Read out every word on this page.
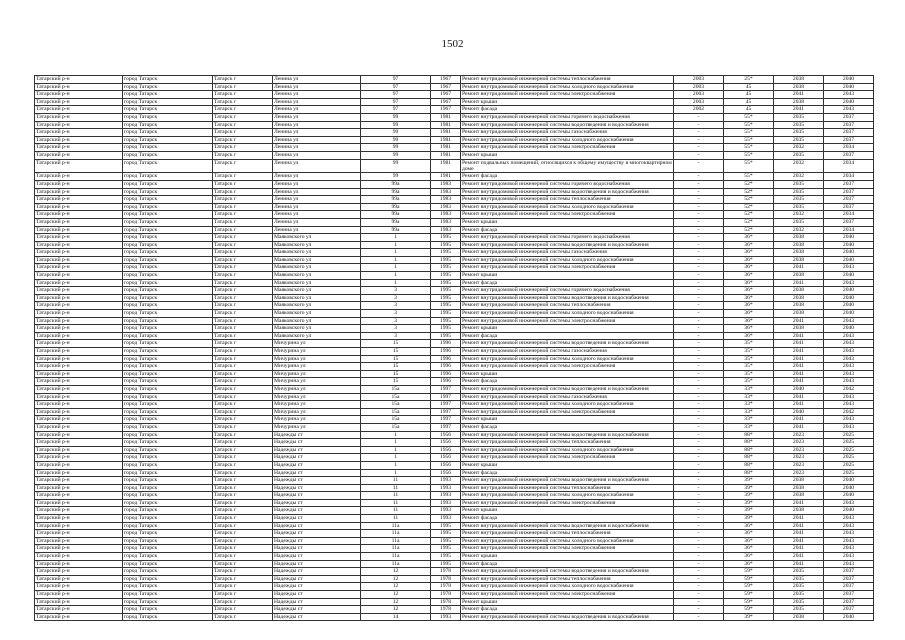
1502
Татарский р-н	город Татарск	Татарск г	Ленина ул	97	1967	Ремонт внутридомовой инженерной системы теплоснабжения	2003	25*	2038	2040
Татарский р-н	город Татарск	Татарск г	Ленина ул	97	1967	Ремонт внутридомовой инженерной системы холодного водоснабжения	2003	45	2038	2040
Татарский р-н	город Татарск	Татарск г	Ленина ул	97	1967	Ремонт внутридомовой инженерной системы электроснабжения	2003	45	2041	2043
Татарский р-н	город Татарск	Татарск г	Ленина ул	97	1967	Ремонт крыши	2003	45	2038	2040
Татарский р-н	город Татарск	Татарск г	Ленина ул	97	1967	Ремонт фасада	2002	45	2041	2043
Татарский р-н	город Татарск	Татарск г	Ленина ул	99	1981	Ремонт внутридомовой инженерной системы горячего водоснабжения	-	55*	2035	2037
Татарский р-н	город Татарск	Татарск г	Ленина ул	99	1981	Ремонт внутридомовой инженерной системы водоотведения и водоснабжения	-	55*	2035	2037
Татарский р-н	город Татарск	Татарск г	Ленина ул	99	1981	Ремонт внутридомовой инженерной системы газоснабжения	-	55*	2035	2037
Татарский р-н	город Татарск	Татарск г	Ленина ул	99	1981	Ремонт внутридомовой инженерной системы холодного водоснабжения	-	55*	2035	2037
Татарский р-н	город Татарск	Татарск г	Ленина ул	99	1981	Ремонт внутридомовой инженерной системы электроснабжения	-	55*	2032	2034
Татарский р-н	город Татарск	Татарск г	Ленина ул	99	1981	Ремонт крыши	-	55*	2035	2037
Татарский р-н	город Татарск	Татарск г	Ленина ул	99	1981	Ремонт подвальных помещений, относящихся к общему имуществу в многоквартирном доме	-	55*	2032	2034
Татарский р-н	город Татарск	Татарск г	Ленина ул	99	1981	Ремонт фасада	-	55*	2032	2034
Татарский р-н	город Татарск	Татарск г	Ленина ул	99а	1983	Ремонт внутридомовой инженерной системы горячего водоснабжения	-	52*	2035	2037
Татарский р-н	город Татарск	Татарск г	Ленина ул	99а	1983	Ремонт внутридомовой инженерной системы водоотведения и водоснабжения	-	52*	2035	2037
Татарский р-н	город Татарск	Татарск г	Ленина ул	99а	1983	Ремонт внутридомовой инженерной системы теплоснабжения	-	52*	2035	2037
Татарский р-н	город Татарск	Татарск г	Ленина ул	99а	1983	Ремонт внутридомовой инженерной системы холодного водоснабжения	-	52*	2035	2037
Татарский р-н	город Татарск	Татарск г	Ленина ул	99а	1983	Ремонт внутридомовой инженерной системы электроснабжения	-	52*	2032	2034
Татарский р-н	город Татарск	Татарск г	Ленина ул	99а	1983	Ремонт крыши	-	52*	2035	2037
Татарский р-н	город Татарск	Татарск г	Ленина ул	99а	1983	Ремонт фасада	-	52*	2032	2034
Татарский р-н	город Татарск	Татарск г	Маяковского ул	1	1995	Ремонт внутридомовой инженерной системы горячего водоснабжения	-	36*	2038	2040
Татарский р-н	город Татарск	Татарск г	Маяковского ул	1	1995	Ремонт внутридомовой инженерной системы водоотведения и водоснабжения	-	36*	2038	2040
Татарский р-н	город Татарск	Татарск г	Маяковского ул	1	1995	Ремонт внутридомовой инженерной системы газоснабжения	-	36*	2038	2040
Татарский р-н	город Татарск	Татарск г	Маяковского ул	1	1995	Ремонт внутридомовой инженерной системы холодного водоснабжения	-	36*	2038	2040
Татарский р-н	город Татарск	Татарск г	Маяковского ул	1	1995	Ремонт внутридомовой инженерной системы электроснабжения	-	36*	2041	2043
Татарский р-н	город Татарск	Татарск г	Маяковского ул	1	1995	Ремонт крыши	-	36*	2038	2040
Татарский р-н	город Татарск	Татарск г	Маяковского ул	1	1995	Ремонт фасада	-	36*	2041	2043
Татарский р-н	город Татарск	Татарск г	Маяковского ул	3	1995	Ремонт внутридомовой инженерной системы горячего водоснабжения	-	36*	2038	2040
Татарский р-н	город Татарск	Татарск г	Маяковского ул	3	1995	Ремонт внутридомовой инженерной системы водоотведения и водоснабжения	-	36*	2038	2040
Татарский р-н	город Татарск	Татарск г	Маяковского ул	3	1995	Ремонт внутридомовой инженерной системы теплоснабжения	-	36*	2038	2040
Татарский р-н	город Татарск	Татарск г	Маяковского ул	3	1995	Ремонт внутридомовой инженерной системы холодного водоснабжения	-	36*	2038	2040
Татарский р-н	город Татарск	Татарск г	Маяковского ул	3	1995	Ремонт внутридомовой инженерной системы электроснабжения	-	36*	2041	2043
Татарский р-н	город Татарск	Татарск г	Маяковского ул	3	1995	Ремонт крыши	-	36*	2038	2040
Татарский р-н	город Татарск	Татарск г	Маяковского ул	3	1995	Ремонт фасада	-	36*	2041	2043
Татарский р-н	город Татарск	Татарск г	Мичурина ул	15	1996	Ремонт внутридомовой инженерной системы водоотведения и водоснабжения	-	35*	2041	2043
Татарский р-н	город Татарск	Татарск г	Мичурина ул	15	1996	Ремонт внутридомовой инженерной системы газоснабжения	-	35*	2041	2043
Татарский р-н	город Татарск	Татарск г	Мичурина ул	15	1996	Ремонт внутридомовой инженерной системы холодного водоснабжения	-	35*	2041	2043
Татарский р-н	город Татарск	Татарск г	Мичурина ул	15	1996	Ремонт внутридомовой инженерной системы электроснабжения	-	35*	2041	2043
Татарский р-н	город Татарск	Татарск г	Мичурина ул	15	1996	Ремонт крыши	-	35*	2041	2043
Татарский р-н	город Татарск	Татарск г	Мичурина ул	15	1996	Ремонт фасада	-	35*	2041	2043
Татарский р-н	город Татарск	Татарск г	Мичурина ул	15а	1997	Ремонт внутридомовой инженерной системы водоотведения и водоснабжения	-	33*	2040	2042
Татарский р-н	город Татарск	Татарск г	Мичурина ул	15а	1997	Ремонт внутридомовой инженерной системы газоснабжения	-	33*	2041	2043
Татарский р-н	город Татарск	Татарск г	Мичурина ул	15а	1997	Ремонт внутридомовой инженерной системы холодного водоснабжения	-	33*	2041	2043
Татарский р-н	город Татарск	Татарск г	Мичурина ул	15а	1997	Ремонт внутридомовой инженерной системы электроснабжения	-	33*	2040	2042
Татарский р-н	город Татарск	Татарск г	Мичурина ул	15а	1997	Ремонт крыши	-	33*	2041	2043
Татарский р-н	город Татарск	Татарск г	Мичурина ул	15а	1997	Ремонт фасада	-	33*	2041	2043
Татарский р-н	город Татарск	Татарск г	Надежды ст	1	1956	Ремонт внутридомовой инженерной системы водоотведения и водоснабжения	-	88*	2023	2025
Татарский р-н	город Татарск	Татарск г	Надежды ст	1	1956	Ремонт внутридомовой инженерной системы теплоснабжения	-	88*	2023	2025
Татарский р-н	город Татарск	Татарск г	Надежды ст	1	1956	Ремонт внутридомовой инженерной системы холодного водоснабжения	-	88*	2023	2025
Татарский р-н	город Татарск	Татарск г	Надежды ст	1	1956	Ремонт внутридомовой инженерной системы электроснабжения	-	88*	2023	2025
Татарский р-н	город Татарск	Татарск г	Надежды ст	1	1956	Ремонт крыши	-	88*	2023	2025
Татарский р-н	город Татарск	Татарск г	Надежды ст	1	1956	Ремонт фасада	-	88*	2023	2025
Татарский р-н	город Татарск	Татарск г	Надежды ст	11	1993	Ремонт внутридомовой инженерной системы водоотведения и водоснабжения	-	39*	2038	2040
Татарский р-н	город Татарск	Татарск г	Надежды ст	11	1993	Ремонт внутридомовой инженерной системы теплоснабжения	-	39*	2038	2040
Татарский р-н	город Татарск	Татарск г	Надежды ст	11	1993	Ремонт внутридомовой инженерной системы холодного водоснабжения	-	39*	2038	2040
Татарский р-н	город Татарск	Татарск г	Надежды ст	11	1993	Ремонт внутридомовой инженерной системы электроснабжения	-	39*	2041	2043
Татарский р-н	город Татарск	Татарск г	Надежды ст	11	1993	Ремонт крыши	-	39*	2038	2040
Татарский р-н	город Татарск	Татарск г	Надежды ст	11	1993	Ремонт фасада	-	39*	2041	2043
Татарский р-н	город Татарск	Татарск г	Надежды ст	11а	1995	Ремонт внутридомовой инженерной системы водоотведения и водоснабжения	-	36*	2041	2043
Татарский р-н	город Татарск	Татарск г	Надежды ст	11а	1995	Ремонт внутридомовой инженерной системы теплоснабжения	-	36*	2041	2043
Татарский р-н	город Татарск	Татарск г	Надежды ст	11а	1995	Ремонт внутридомовой инженерной системы холодного водоснабжения	-	36*	2041	2043
Татарский р-н	город Татарск	Татарск г	Надежды ст	11а	1995	Ремонт внутридомовой инженерной системы электроснабжения	-	36*	2041	2043
Татарский р-н	город Татарск	Татарск г	Надежды ст	11а	1995	Ремонт крыши	-	36*	2041	2043
Татарский р-н	город Татарск	Татарск г	Надежды ст	11а	1995	Ремонт фасада	-	36*	2041	2043
Татарский р-н	город Татарск	Татарск г	Надежды ст	12	1978	Ремонт внутридомовой инженерной системы водоотведения и водоснабжения	-	59*	2035	2037
Татарский р-н	город Татарск	Татарск г	Надежды ст	12	1978	Ремонт внутридомовой инженерной системы теплоснабжения	-	59*	2035	2037
Татарский р-н	город Татарск	Татарск г	Надежды ст	12	1978	Ремонт внутридомовой инженерной системы холодного водоснабжения	-	59*	2035	2037
Татарский р-н	город Татарск	Татарск г	Надежды ст	12	1978	Ремонт внутридомовой инженерной системы электроснабжения	-	59*	2035	2037
Татарский р-н	город Татарск	Татарск г	Надежды ст	12	1978	Ремонт крыши	-	59*	2035	2037
Татарский р-н	город Татарск	Татарск г	Надежды ст	12	1978	Ремонт фасада	-	59*	2035	2037
Татарский р-н	город Татарск	Татарск г	Надежды ст	14	1993	Ремонт внутридомовой инженерной системы водоотведения и водоснабжения	-	39*	2038	2040
